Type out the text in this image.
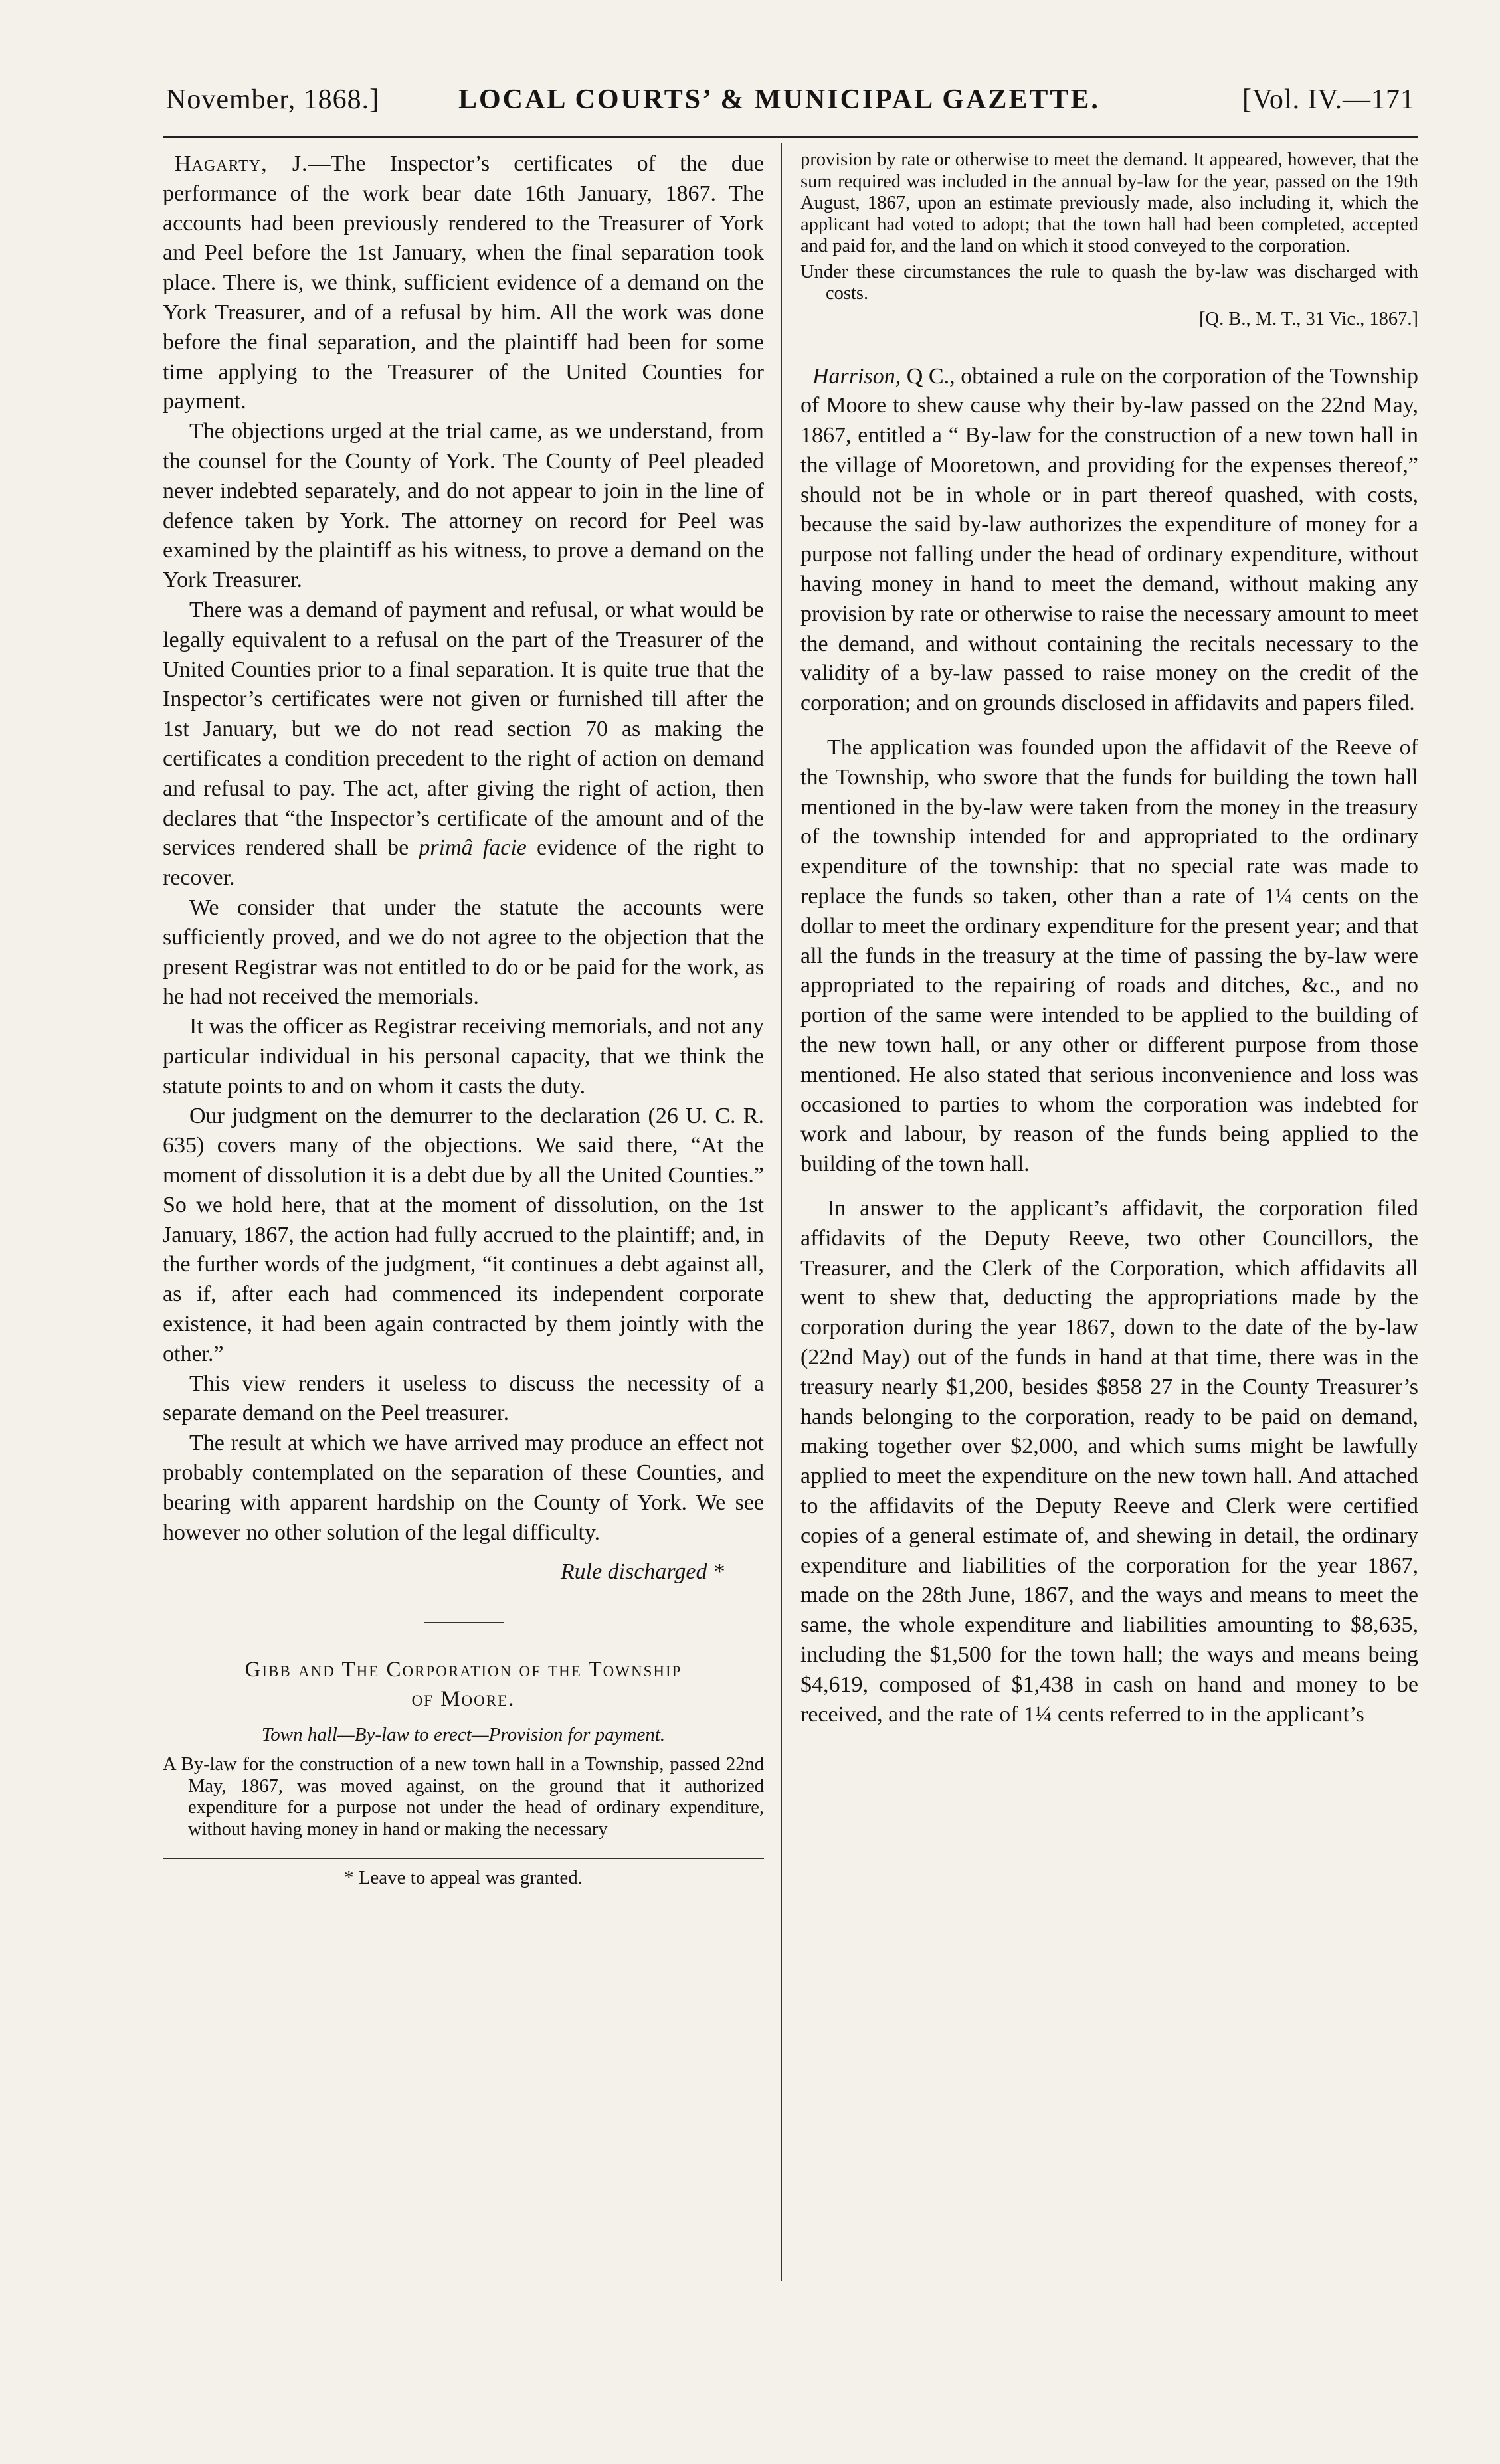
November, 1868.]	LOCAL COURTS’ & MUNICIPAL GAZETTE.	[Vol. IV.—171

Hagarty, J.—The Inspector’s certificates of the due performance of the work bear date 16th January, 1867. The accounts had been previously rendered to the Treasurer of York and Peel before the 1st January, when the final separation took place. There is, we think, sufficient evidence of a demand on the York Treasurer, and of a refusal by him. All the work was done before the final separation, and the plaintiff had been for some time applying to the Treasurer of the United Counties for payment.

The objections urged at the trial came, as we understand, from the counsel for the County of York. The County of Peel pleaded never indebted separately, and do not appear to join in the line of defence taken by York. The attorney on record for Peel was examined by the plaintiff as his witness, to prove a demand on the York Treasurer.

There was a demand of payment and refusal, or what would be legally equivalent to a refusal on the part of the Treasurer of the United Counties prior to a final separation. It is quite true that the Inspector’s certificates were not given or furnished till after the 1st January, but we do not read section 70 as making the certificates a condition precedent to the right of action on demand and refusal to pay. The act, after giving the right of action, then declares that “the Inspector’s certificate of the amount and of the services rendered shall be primâ facie evidence of the right to recover.

We consider that under the statute the accounts were sufficiently proved, and we do not agree to the objection that the present Registrar was not entitled to do or be paid for the work, as he had not received the memorials.

It was the officer as Registrar receiving memorials, and not any particular individual in his personal capacity, that we think the statute points to and on whom it casts the duty.

Our judgment on the demurrer to the declaration (26 U. C. R. 635) covers many of the objections. We said there, “At the moment of dissolution it is a debt due by all the United Counties.” So we hold here, that at the moment of dissolution, on the 1st January, 1867, the action had fully accrued to the plaintiff; and, in the further words of the judgment, “it continues a debt against all, as if, after each had commenced its independent corporate existence, it had been again contracted by them jointly with the other.”

This view renders it useless to discuss the necessity of a separate demand on the Peel treasurer.

The result at which we have arrived may produce an effect not probably contemplated on the separation of these Counties, and bearing with apparent hardship on the County of York. We see however no other solution of the legal difficulty.

Rule discharged *

Gibb and The Corporation of the Township
of Moore.

Town hall—By-law to erect—Provision for payment.

A By-law for the construction of a new town hall in a Township, passed 22nd May, 1867, was moved against, on the ground that it authorized expenditure for a purpose not under the head of ordinary expenditure, without having money in hand or making the necessary

* Leave to appeal was granted.

provision by rate or otherwise to meet the demand. It appeared, however, that the sum required was included in the annual by-law for the year, passed on the 19th August, 1867, upon an estimate previously made, also including it, which the applicant had voted to adopt; that the town hall had been completed, accepted and paid for, and the land on which it stood conveyed to the corporation.

Under these circumstances the rule to quash the by-law was discharged with costs.

[Q. B., M. T., 31 Vic., 1867.]

Harrison, Q C., obtained a rule on the corporation of the Township of Moore to shew cause why their by-law passed on the 22nd May, 1867, entitled a “ By-law for the construction of a new town hall in the village of Mooretown, and providing for the expenses thereof,” should not be in whole or in part thereof quashed, with costs, because the said by-law authorizes the expenditure of money for a purpose not falling under the head of ordinary expenditure, without having money in hand to meet the demand, without making any provision by rate or otherwise to raise the necessary amount to meet the demand, and without containing the recitals necessary to the validity of a by-law passed to raise money on the credit of the corporation; and on grounds disclosed in affidavits and papers filed.

The application was founded upon the affidavit of the Reeve of the Township, who swore that the funds for building the town hall mentioned in the by-law were taken from the money in the treasury of the township intended for and appropriated to the ordinary expenditure of the township: that no special rate was made to replace the funds so taken, other than a rate of 1¼ cents on the dollar to meet the ordinary expenditure for the present year; and that all the funds in the treasury at the time of passing the by-law were appropriated to the repairing of roads and ditches, &c., and no portion of the same were intended to be applied to the building of the new town hall, or any other or different purpose from those mentioned. He also stated that serious inconvenience and loss was occasioned to parties to whom the corporation was indebted for work and labour, by reason of the funds being applied to the building of the town hall.

In answer to the applicant’s affidavit, the corporation filed affidavits of the Deputy Reeve, two other Councillors, the Treasurer, and the Clerk of the Corporation, which affidavits all went to shew that, deducting the appropriations made by the corporation during the year 1867, down to the date of the by-law (22nd May) out of the funds in hand at that time, there was in the treasury nearly $1,200, besides $858 27 in the County Treasurer’s hands belonging to the corporation, ready to be paid on demand, making together over $2,000, and which sums might be lawfully applied to meet the expenditure on the new town hall. And attached to the affidavits of the Deputy Reeve and Clerk were certified copies of a general estimate of, and shewing in detail, the ordinary expenditure and liabilities of the corporation for the year 1867, made on the 28th June, 1867, and the ways and means to meet the same, the whole expenditure and liabilities amounting to $8,635, including the $1,500 for the town hall; the ways and means being $4,619, composed of $1,438 in cash on hand and money to be received, and the rate of 1¼ cents referred to in the applicant’s
